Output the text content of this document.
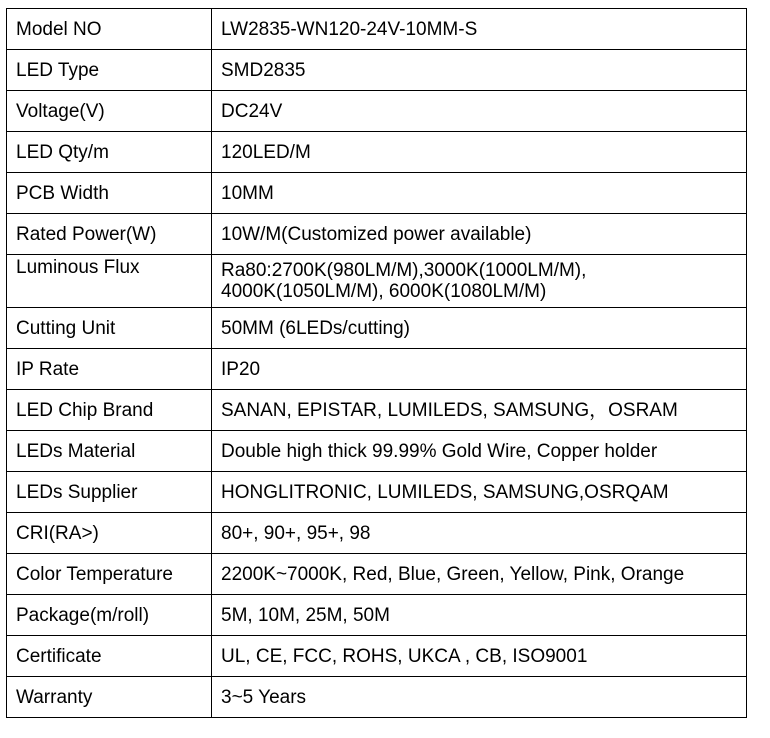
Model NO	LW2835-WN120-24V-10MM-S
LED Type	SMD2835
Voltage(V)	DC24V
LED Qty/m	120LED/M
PCB Width	10MM
Rated Power(W)	10W/M(Customized power available)
Luminous Flux	Ra80:2700K(980LM/M),3000K(1000LM/M),
4000K(1050LM/M), 6000K(1080LM/M)

Cutting Unit	50MM (6LEDs/cutting)
IP Rate	IP20
LED Chip Brand	SANAN, EPISTAR, LUMILEDS, SAMSUNG，OSRAM
LEDs Material	Double high thick 99.99% Gold Wire, Copper holder
LEDs Supplier	HONGLITRONIC, LUMILEDS, SAMSUNG,OSRQAM
CRI(RA>)	80+, 90+, 95+, 98
Color Temperature	2200K~7000K, Red, Blue, Green, Yellow, Pink, Orange
Package(m/roll)	5M, 10M, 25M, 50M
Certificate	UL, CE, FCC, ROHS, UKCA , CB, ISO9001
Warranty	3~5 Years
